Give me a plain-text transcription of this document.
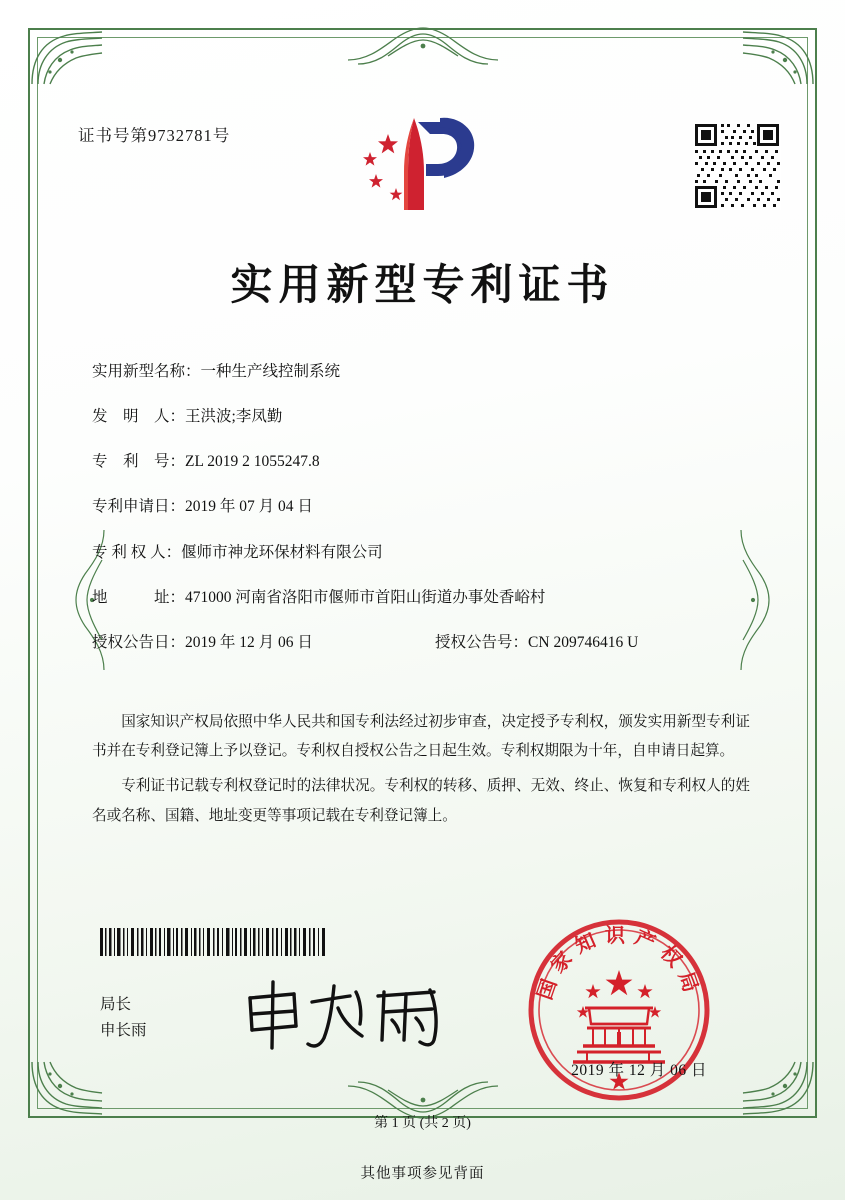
证书号第9732781号
实用新型专利证书
实用新型名称： 一种生产线控制系统
发　明　人： 王洪波;李凤勤
专　利　号： ZL 2019 2 1055247.8
专利申请日： 2019 年 07 月 04 日
专 利 权 人： 偃师市神龙环保材料有限公司
地　　　址： 471000 河南省洛阳市偃师市首阳山街道办事处香峪村
授权公告日： 2019 年 12 月 06 日	授权公告号： CN 209746416 U

国家知识产权局依照中华人民共和国专利法经过初步审查，决定授予专利权，颁发实用新型专利证书并在专利登记簿上予以登记。专利权自授权公告之日起生效。专利权期限为十年，自申请日起算。

专利证书记载专利权登记时的法律状况。专利权的转移、质押、无效、终止、恢复和专利权人的姓名或名称、国籍、地址变更等事项记载在专利登记簿上。

局长
申长雨
国家知识产权局
2019 年 12 月 06 日
第 1 页 (共 2 页)
其他事项参见背面
